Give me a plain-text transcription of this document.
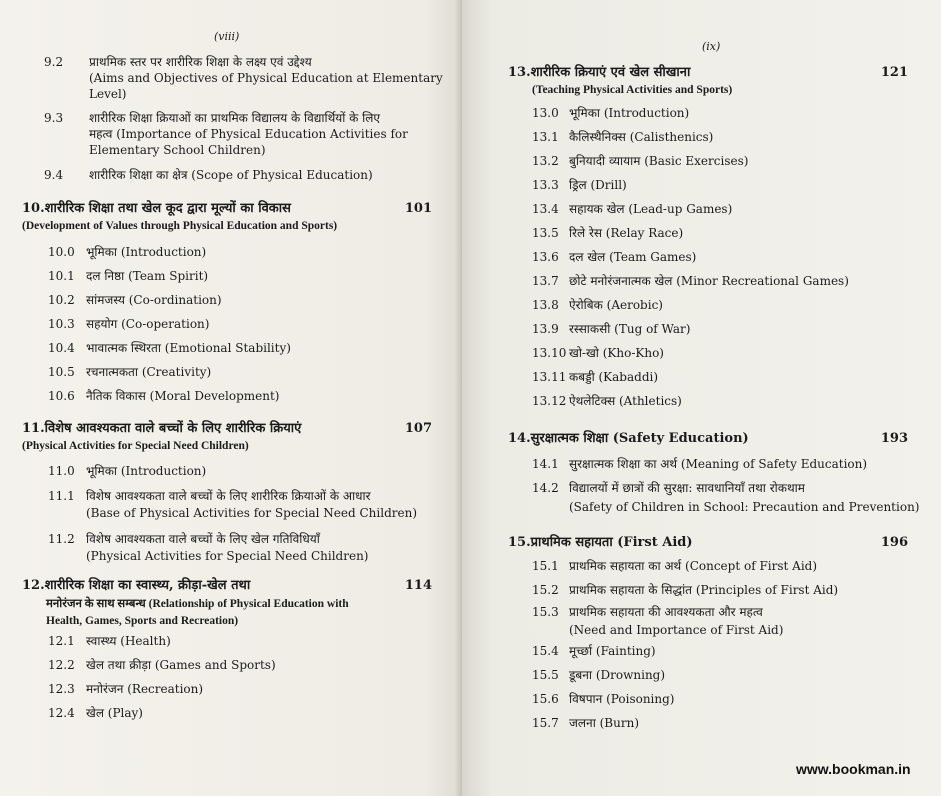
(viii)
9.2 प्राथमिक स्तर पर शारीरिक शिक्षा के लक्ष्य एवं उद्देश्य
(Aims and Objectives of Physical Education at Elementary
Level)
9.3 शारीरिक शिक्षा क्रियाओं का प्राथमिक विद्यालय के विद्यार्थियों के लिए
महत्व (Importance of Physical Education Activities for
Elementary School Children)
9.4 शारीरिक शिक्षा का क्षेत्र (Scope of Physical Education)
10.शारीरिक शिक्षा तथा खेल कूद द्वारा मूल्यों का विकास	101
(Development of Values through Physical Education and Sports)
10.0 भूमिका (Introduction)
10.1 दल निष्ठा (Team Spirit)
10.2 सांमजस्य (Co-ordination)
10.3 सहयोग (Co-operation)
10.4 भावात्मक स्थिरता (Emotional Stability)
10.5 रचनात्मकता (Creativity)
10.6 नैतिक विकास (Moral Development)
11.विशेष आवश्यकता वाले बच्चों के लिए शारीरिक क्रियाएं	107
(Physical Activities for Special Need Children)
11.0 भूमिका (Introduction)
11.1 विशेष आवश्यकता वाले बच्चों के लिए शारीरिक क्रियाओं के आधार
(Base of Physical Activities for Special Need Children)
11.2 विशेष आवश्यकता वाले बच्चों के लिए खेल गतिविधियाँ
(Physical Activities for Special Need Children)
12.शारीरिक शिक्षा का स्वास्थ्य, क्रीड़ा-खेल तथा	114
मनोरंजन के साथ सम्बन्ध (Relationship of Physical Education with
Health, Games, Sports and Recreation)
12.1 स्वास्थ्य (Health)
12.2 खेल तथा क्रीड़ा (Games and Sports)
12.3 मनोरंजन (Recreation)
12.4 खेल (Play)
(ix)
13.शारीरिक क्रियाएं एवं खेल सीखाना	121
(Teaching Physical Activities and Sports)
13.0 भूमिका (Introduction)
13.1 कैलिस्थैनिक्स (Calisthenics)
13.2 बुनियादी व्यायाम (Basic Exercises)
13.3 ड्रिल (Drill)
13.4 सहायक खेल (Lead-up Games)
13.5 रिले रेस (Relay Race)
13.6 दल खेल (Team Games)
13.7 छोटे मनोरंजनात्मक खेल (Minor Recreational Games)
13.8 ऐरोबिक (Aerobic)
13.9 रस्साकसी (Tug of War)
13.10 खो-खो (Kho-Kho)
13.11 कबड्डी (Kabaddi)
13.12 ऐथलेटिक्स (Athletics)
14.सुरक्षात्मक शिक्षा (Safety Education)	193
14.1 सुरक्षात्मक शिक्षा का अर्थ (Meaning of Safety Education)
14.2 विद्यालयों में छात्रों की सुरक्षा: सावधानियाँ तथा रोकथाम
(Safety of Children in School: Precaution and Prevention)
15.प्राथमिक सहायता (First Aid)	196
15.1 प्राथमिक सहायता का अर्थ (Concept of First Aid)
15.2 प्राथमिक सहायता के सिद्धांत (Principles of First Aid)
15.3 प्राथमिक सहायता की आवश्यकता और महत्व
(Need and Importance of First Aid)
15.4 मूर्च्छा (Fainting)
15.5 डूबना (Drowning)
15.6 विषपान (Poisoning)
15.7 जलना (Burn)
www.bookman.in
